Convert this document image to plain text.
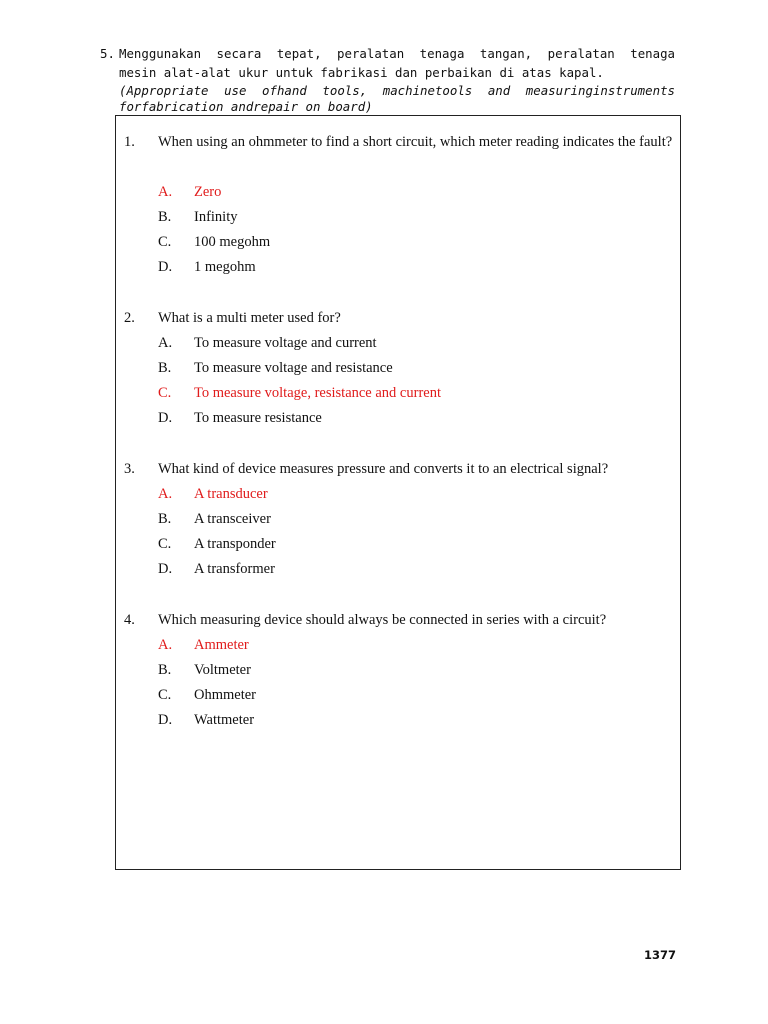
5. Menggunakan secara tepat, peralatan tenaga tangan, peralatan tenaga
mesin alat-alat ukur untuk fabrikasi dan perbaikan di atas kapal.
(Appropriate use ofhand tools, machinetools and measuringinstruments
forfabrication andrepair on board)
1. When using an ohmmeter to find a short circuit, which meter reading indicates the fault?
A. Zero
B. Infinity
C. 100 megohm
D. 1 megohm
2. What is a multi meter used for?
A. To measure voltage and current
B. To measure voltage and resistance
C. To measure voltage, resistance and current
D. To measure resistance
3. What kind of device measures pressure and converts it to an electrical signal?
A. A transducer
B. A transceiver
C. A transponder
D. A transformer
4. Which measuring device should always be connected in series with a circuit?
A. Ammeter
B. Voltmeter
C. Ohmmeter
D. Wattmeter
1377
